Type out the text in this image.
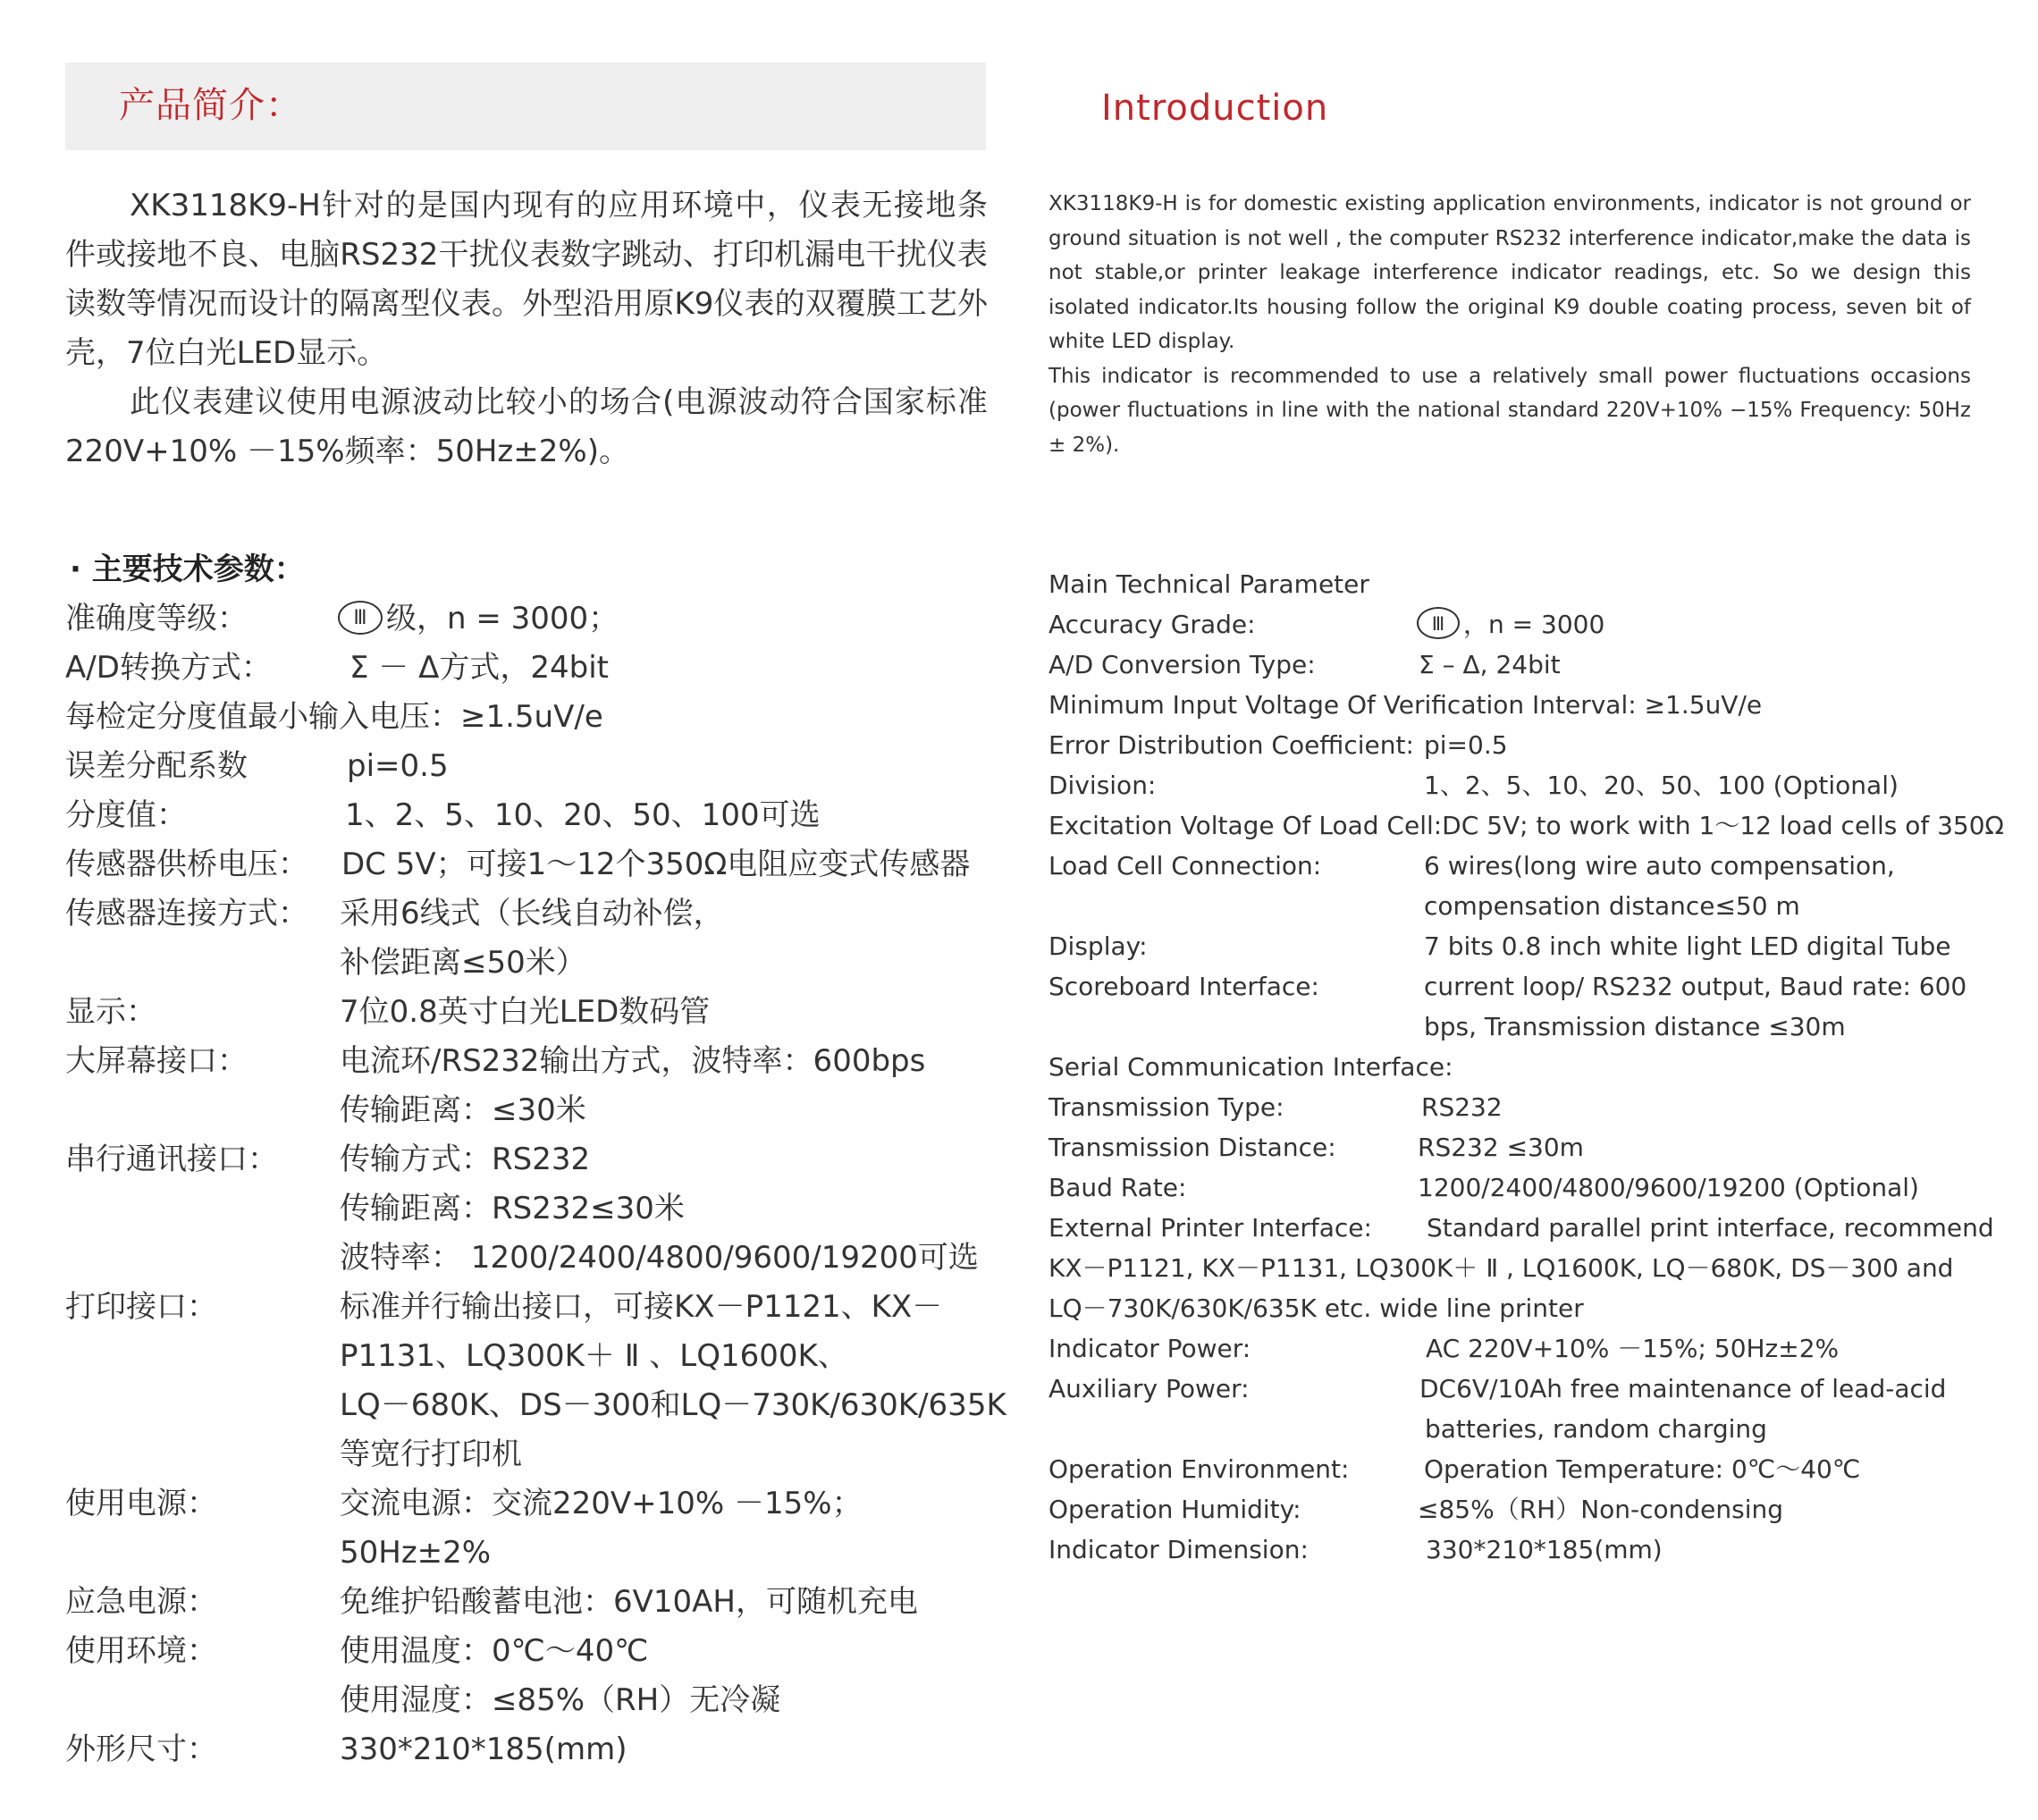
产品简介：

XK3118K9-H针对的是国内现有的应用环境中，仪表无接地条件或接地不良、电脑RS232干扰仪表数字跳动、打印机漏电干扰仪表读数等情况而设计的隔离型仪表。外型沿用原K9仪表的双覆膜工艺外壳，7位白光LED显示。

此仪表建议使用电源波动比较小的场合(电源波动符合国家标准220V+10% －15%频率：50Hz±2%)。

· 主要技术参数：
准确度等级：	Ⅲ 级，n = 3000；
A/D转换方式：	Σ － Δ方式，24bit
每检定分度值最小输入电压：≥1.5uV/e
误差分配系数	pi=0.5
分度值：	1、2、5、10、20、50、100可选
传感器供桥电压： DC 5V；可接1～12个350Ω电阻应变式传感器
传感器连接方式： 采用6线式（长线自动补偿，
补偿距离≤50米）
显示：	7位0.8英寸白光LED数码管
大屏幕接口：	电流环/RS232输出方式，波特率：600bps
传输距离：≤30米
串行通讯接口： 传输方式：RS232
传输距离：RS232≤30米
波特率： 1200/2400/4800/9600/19200可选
打印接口：	标准并行输出接口，可接KX－P1121、KX－
P1131、LQ300K＋ Ⅱ 、LQ1600K、
LQ－680K、DS－300和LQ－730K/630K/635K
等宽行打印机
使用电源：	交流电源：交流220V+10% －15%；
50Hz±2%
应急电源：	免维护铅酸蓄电池：6V10AH，可随机充电
使用环境：	使用温度：0℃～40℃
使用湿度：≤85%（RH）无冷凝
外形尺寸：	330*210*185(mm)
Introduction

XK3118K9-H is for domestic existing application environments, indicator is not ground or ground situation is not well , the computer RS232 interference indicator,make the data is not stable,or printer leakage interference indicator readings, etc. So we design this isolated indicator.Its housing follow the original K9 double coating process, seven bit of white LED display.

This indicator is recommended to use a relatively small power fluctuations occasions (power fluctuations in line with the national standard 220V+10% −15% Frequency: 50Hz ± 2%).

Main Technical Parameter
Accuracy Grade:	Ⅲ ，n = 3000
A/D Conversion Type:	Σ – Δ, 24bit
Minimum Input Voltage Of Verification Interval: ≥1.5uV/e
Error Distribution Coefficient: pi=0.5
Division:	1、2、5、10、20、50、100 (Optional)
Excitation Voltage Of Load Cell:DC 5V; to work with 1～12 load cells of 350Ω
Load Cell Connection:	6 wires(long wire auto compensation,
compensation distance≤50 m
Display:	7 bits 0.8 inch white light LED digital Tube
Scoreboard Interface:	current loop/ RS232 output, Baud rate: 600
bps, Transmission distance ≤30m
Serial Communication Interface:
Transmission Type:	RS232
Transmission Distance:	RS232 ≤30m
Baud Rate:	1200/2400/4800/9600/19200 (Optional)
External Printer Interface: Standard parallel print interface, recommend
KX－P1121, KX－P1131, LQ300K＋ Ⅱ , LQ1600K, LQ－680K, DS－300 and
LQ－730K/630K/635K etc. wide line printer
Indicator Power:	AC 220V+10% －15%; 50Hz±2%
Auxiliary Power:	DC6V/10Ah free maintenance of lead-acid
batteries, random charging
Operation Environment:	Operation Temperature: 0℃～40℃
Operation Humidity:	≤85%（RH）Non-condensing
Indicator Dimension:	330*210*185(mm)
